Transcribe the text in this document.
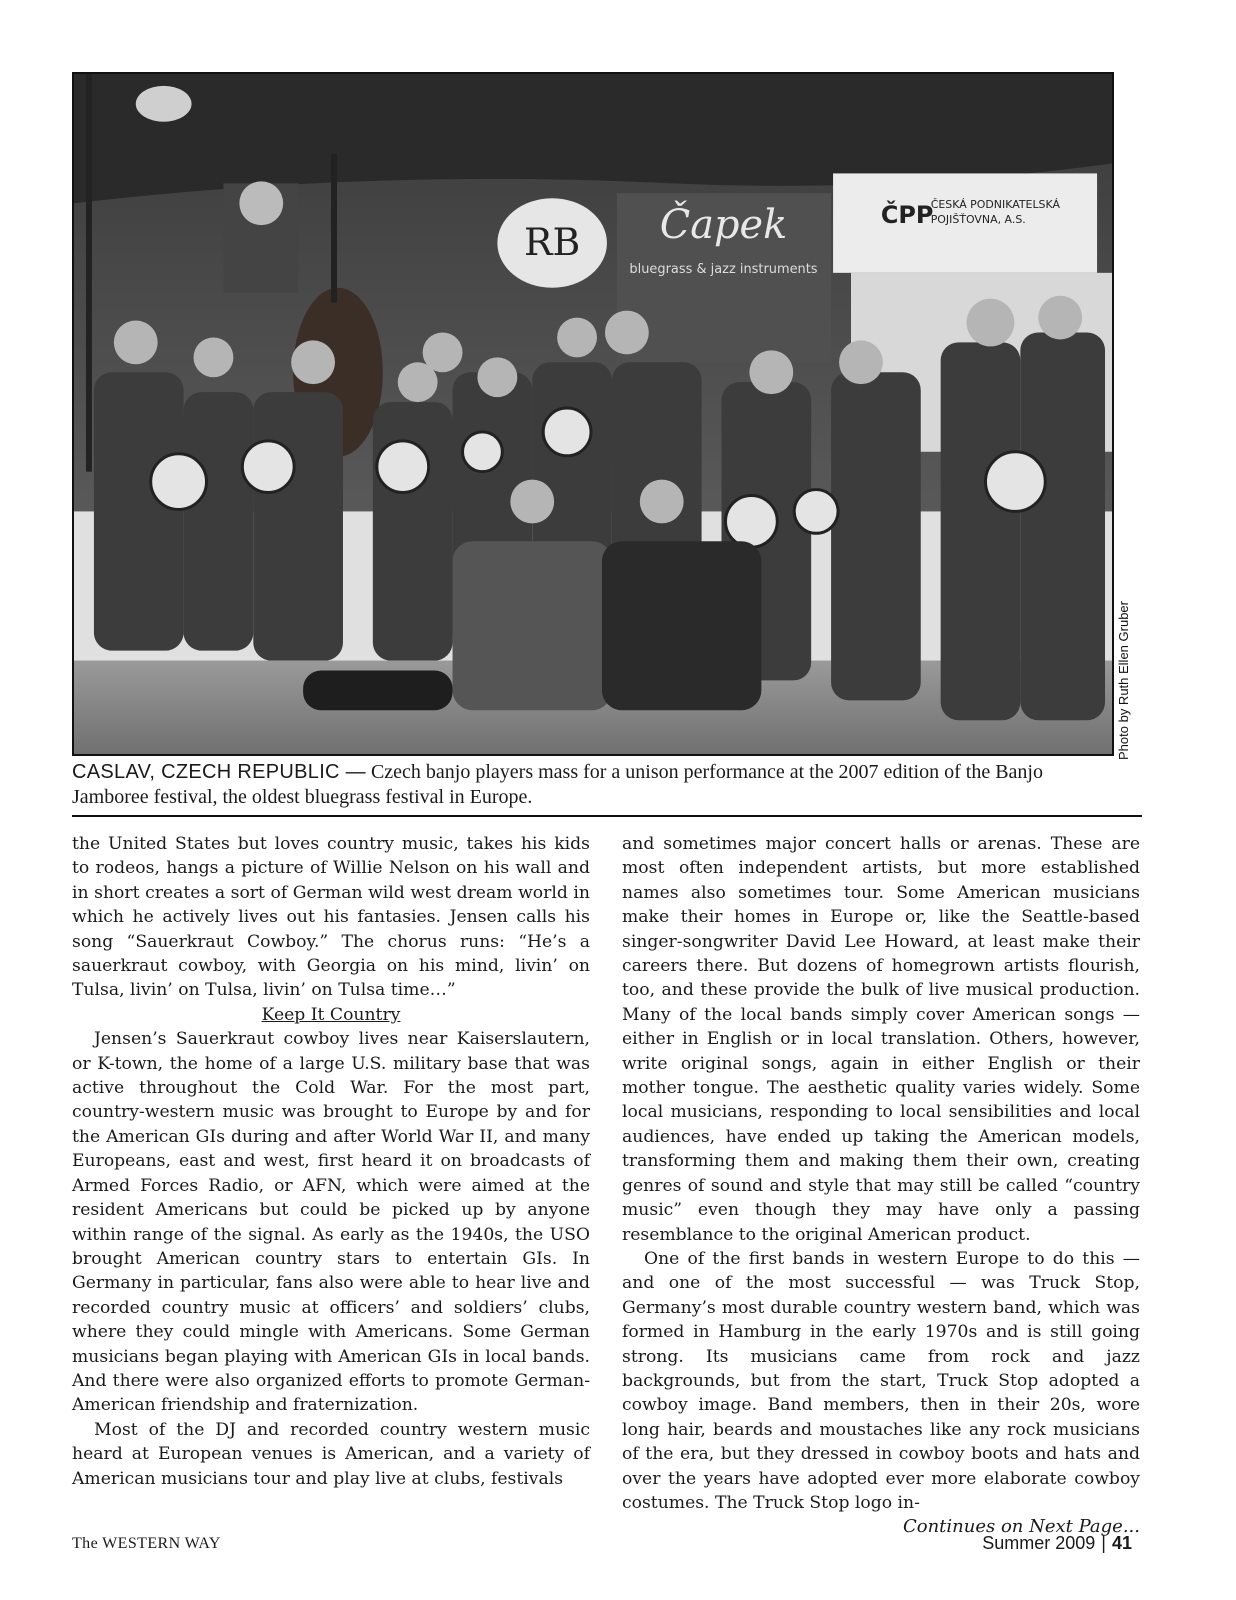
RB Čapek
bluegrass & jazz instruments
ČPP
ČESKÁ PODNIKATELSKÁ
POJIŠŤOVNA, A.S.
Photo by Ruth Ellen Gruber
CASLAV, CZECH REPUBLIC — Czech banjo players mass for a unison performance at the 2007 edition of the Banjo Jamboree festival, the oldest bluegrass festival in Europe.

the United States but loves country music, takes his kids to rodeos, hangs a picture of Willie Nelson on his wall and in short creates a sort of German wild west dream world in which he actively lives out his fantasies. Jensen calls his song “Sauerkraut Cowboy.” The chorus runs: “He’s a sauerkraut cowboy, with Georgia on his mind, livin’ on Tulsa, livin’ on Tulsa, livin’ on Tulsa time…”

Keep It Country

Jensen’s Sauerkraut cowboy lives near Kaiserslautern, or K-town, the home of a large U.S. military base that was active throughout the Cold War. For the most part, country-western music was brought to Europe by and for the American GIs during and after World War II, and many Europeans, east and west, first heard it on broadcasts of Armed Forces Radio, or AFN, which were aimed at the resident Americans but could be picked up by anyone within range of the signal. As early as the 1940s, the USO brought American country stars to entertain GIs. In Germany in particular, fans also were able to hear live and recorded country music at officers’ and soldiers’ clubs, where they could mingle with Americans. Some German musicians began playing with American GIs in local bands. And there were also organized efforts to promote German-American friendship and fraternization.

Most of the DJ and recorded country western music heard at European venues is American, and a variety of American musicians tour and play live at clubs, festivals

and sometimes major concert halls or arenas. These are most often independent artists, but more established names also sometimes tour. Some American musicians make their homes in Europe or, like the Seattle-based singer-songwriter David Lee Howard, at least make their careers there. But dozens of homegrown artists flourish, too, and these provide the bulk of live musical production. Many of the local bands simply cover American songs — either in English or in local translation. Others, however, write original songs, again in either English or their mother tongue. The aesthetic quality varies widely. Some local musicians, responding to local sensibilities and local audiences, have ended up taking the American models, transforming them and making them their own, creating genres of sound and style that may still be called “country music” even though they may have only a passing resemblance to the original American product.

One of the first bands in western Europe to do this — and one of the most successful — was Truck Stop, Germany’s most durable country western band, which was formed in Hamburg in the early 1970s and is still going strong. Its musicians came from rock and jazz backgrounds, but from the start, Truck Stop adopted a cowboy image. Band members, then in their 20s, wore long hair, beards and moustaches like any rock musicians of the era, but they dressed in cowboy boots and hats and over the years have adopted ever more elaborate cowboy costumes. The Truck Stop logo in-

Continues on Next Page...

The WESTERN WAY	Summer 2009 | 41
